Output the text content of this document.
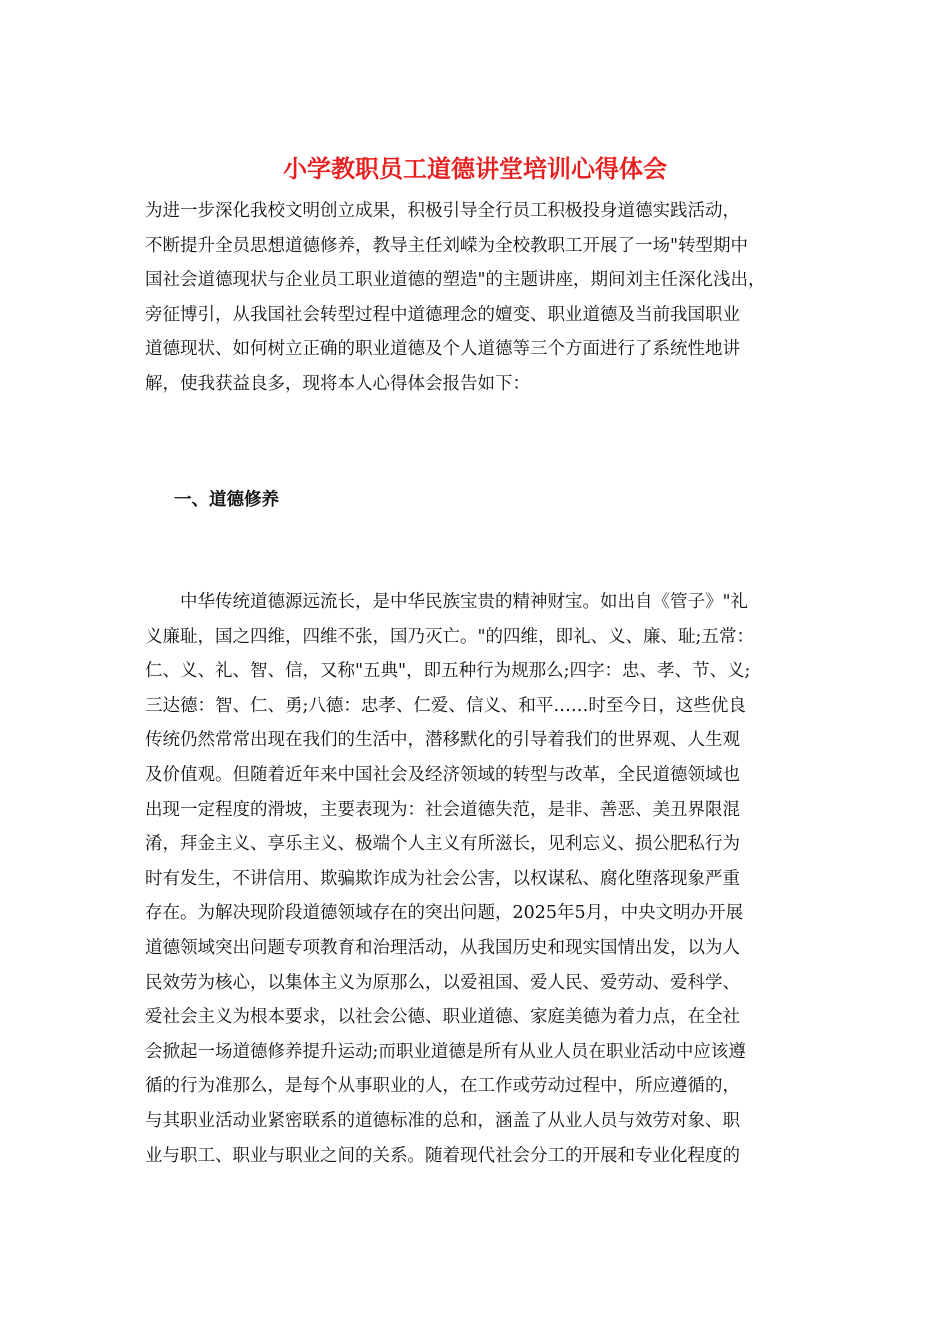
小学教职员工道德讲堂培训心得体会
为进一步深化我校文明创立成果，积极引导全行员工积极投身道德实践活动，
不断提升全员思想道德修养，教导主任刘嵘为全校教职工开展了一场"转型期中
国社会道德现状与企业员工职业道德的塑造"的主题讲座，期间刘主任深化浅出，
旁征博引，从我国社会转型过程中道德理念的嬗变、职业道德及当前我国职业
道德现状、如何树立正确的职业道德及个人道德等三个方面进行了系统性地讲
解，使我获益良多，现将本人心得体会报告如下：
一、道德修养
　　中华传统道德源远流长，是中华民族宝贵的精神财宝。如出自《管子》"礼
义廉耻，国之四维，四维不张，国乃灭亡。"的四维，即礼、义、廉、耻;五常：
仁、义、礼、智、信，又称"五典"，即五种行为规那么;四字：忠、孝、节、义;
三达德：智、仁、勇;八德：忠孝、仁爱、信义、和平……时至今日，这些优良
传统仍然常常出现在我们的生活中，潜移默化的引导着我们的世界观、人生观
及价值观。但随着近年来中国社会及经济领域的转型与改革，全民道德领域也
出现一定程度的滑坡，主要表现为：社会道德失范，是非、善恶、美丑界限混
淆，拜金主义、享乐主义、极端个人主义有所滋长，见利忘义、损公肥私行为
时有发生，不讲信用、欺骗欺诈成为社会公害，以权谋私、腐化堕落现象严重
存在。为解决现阶段道德领域存在的突出问题，2025年5月，中央文明办开展
道德领域突出问题专项教育和治理活动，从我国历史和现实国情出发，以为人
民效劳为核心，以集体主义为原那么，以爱祖国、爱人民、爱劳动、爱科学、
爱社会主义为根本要求，以社会公德、职业道德、家庭美德为着力点，在全社
会掀起一场道德修养提升运动;而职业道德是所有从业人员在职业活动中应该遵
循的行为准那么，是每个从事职业的人，在工作或劳动过程中，所应遵循的，
与其职业活动业紧密联系的道德标准的总和，涵盖了从业人员与效劳对象、职
业与职工、职业与职业之间的关系。随着现代社会分工的开展和专业化程度的
